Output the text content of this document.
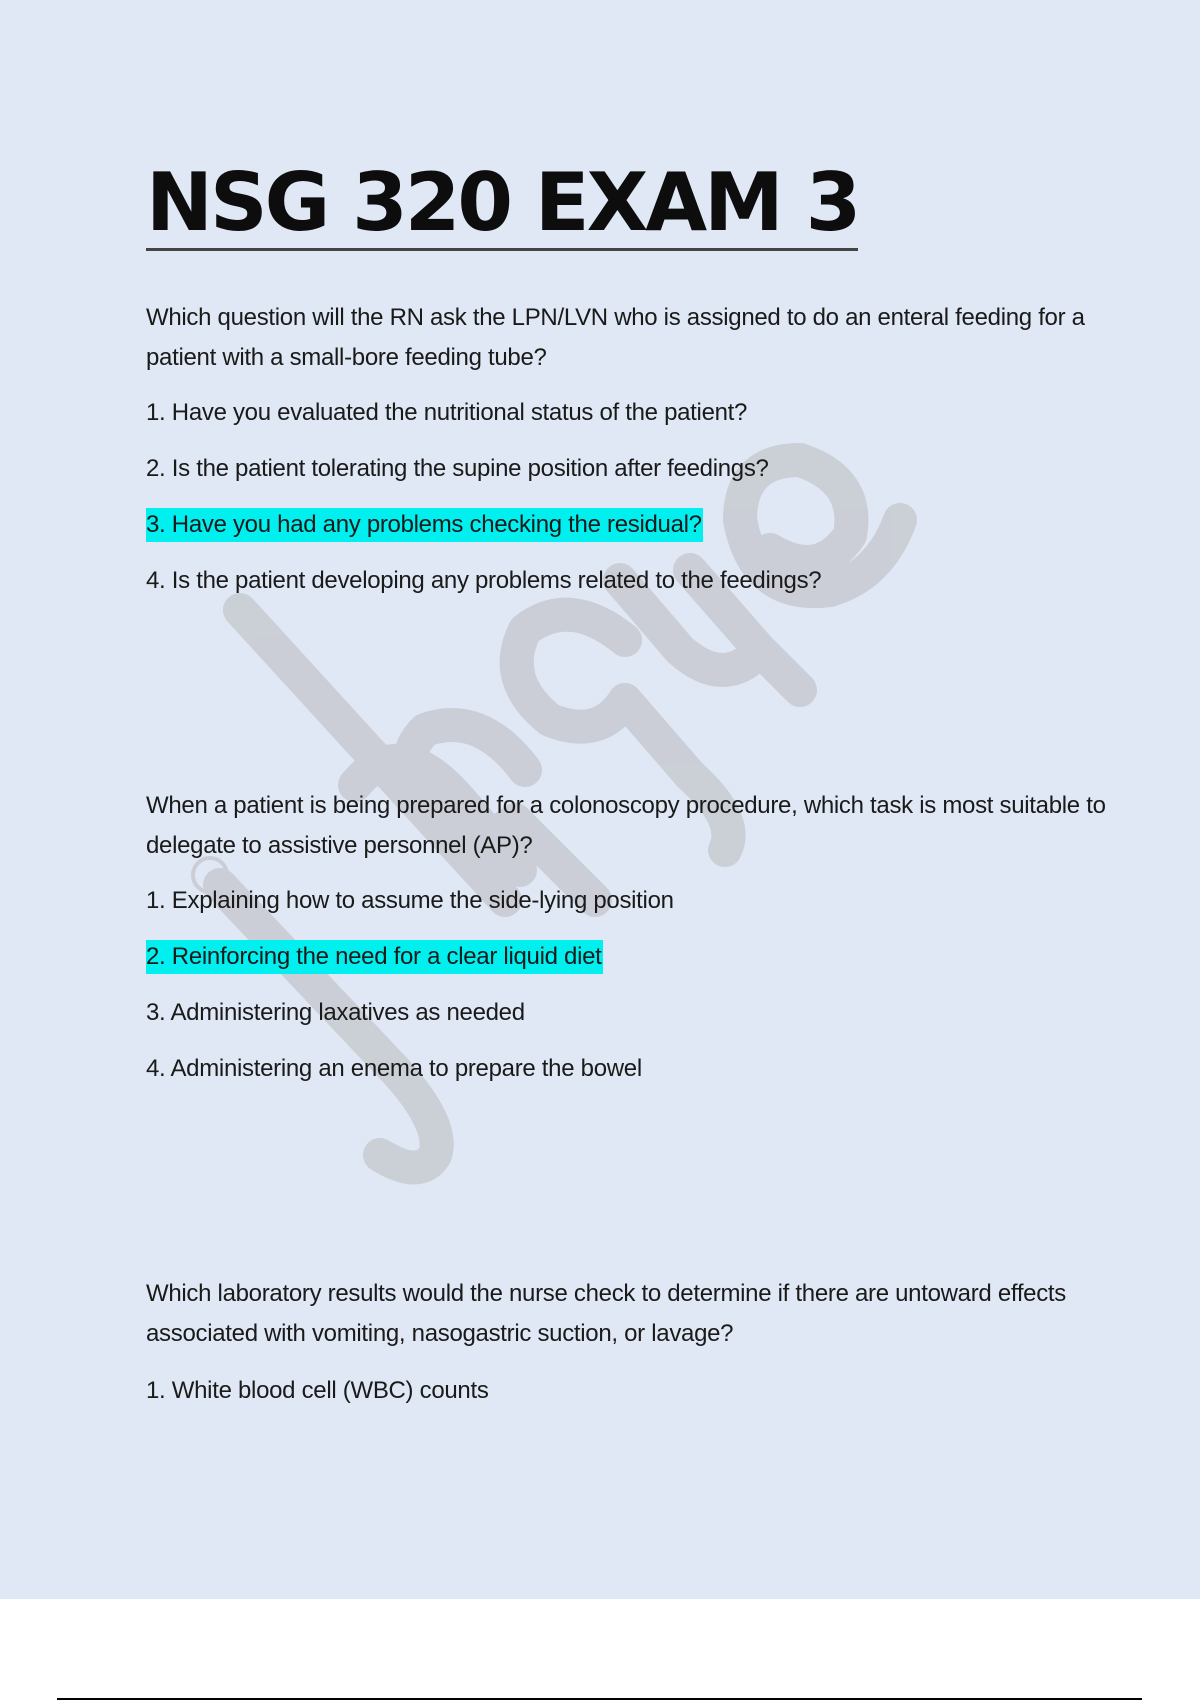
NSG 320 EXAM 3

Which question will the RN ask the LPN/LVN who is assigned to do an enteral feeding for a patient with a small-bore feeding tube?

1. Have you evaluated the nutritional status of the patient?

2. Is the patient tolerating the supine position after feedings?

3. Have you had any problems checking the residual?

4. Is the patient developing any problems related to the feedings?

When a patient is being prepared for a colonoscopy procedure, which task is most suitable to delegate to assistive personnel (AP)?

1. Explaining how to assume the side-lying position

2. Reinforcing the need for a clear liquid diet

3. Administering laxatives as needed

4. Administering an enema to prepare the bowel

Which laboratory results would the nurse check to determine if there are untoward effects associated with vomiting, nasogastric suction, or lavage?

1. White blood cell (WBC) counts
